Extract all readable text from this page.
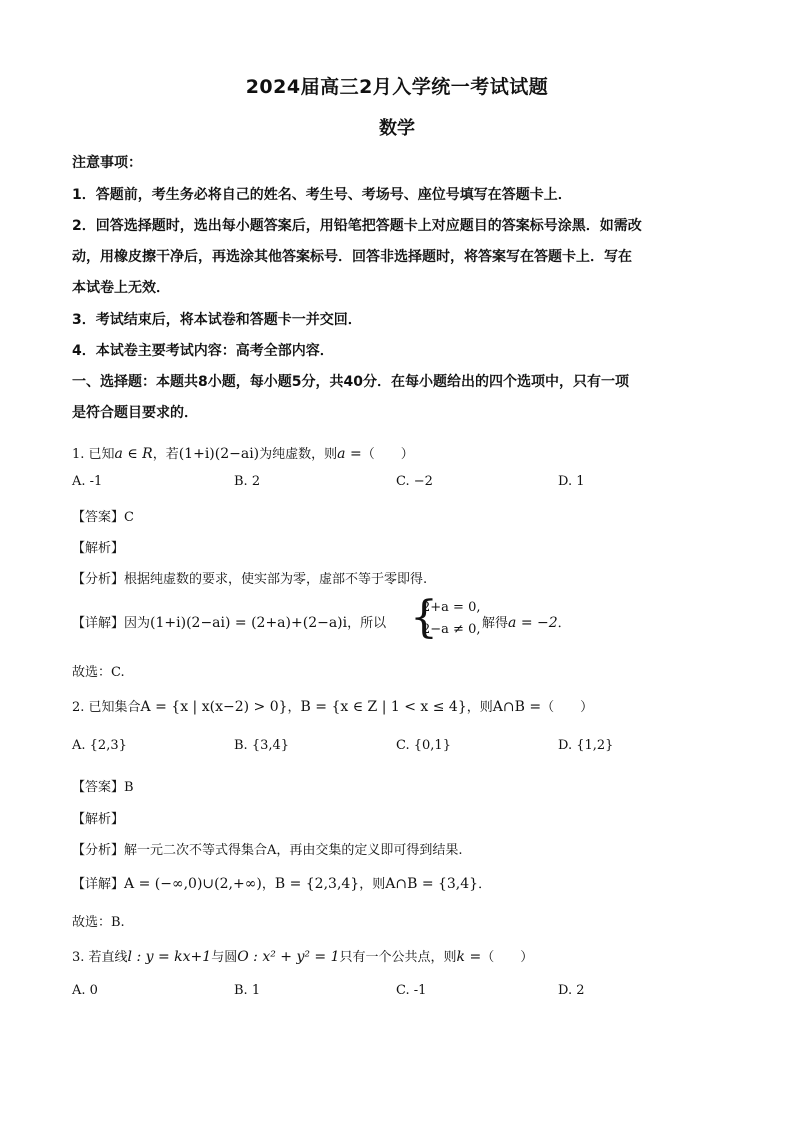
2024届高三2月入学统一考试试题
数学
注意事项：
1．答题前，考生务必将自己的姓名、考生号、考场号、座位号填写在答题卡上．
2．回答选择题时，选出每小题答案后，用铅笔把答题卡上对应题目的答案标号涂黑．如需改
动，用橡皮擦干净后，再选涂其他答案标号．回答非选择题时，将答案写在答题卡上．写在
本试卷上无效．
3．考试结束后，将本试卷和答题卡一并交回．
4．本试卷主要考试内容：高考全部内容．
一、选择题：本题共8小题，每小题5分，共40分．在每小题给出的四个选项中，只有一项
是符合题目要求的．
1. 已知a ∈ R，若(1+i)(2−ai)为纯虚数，则a =（　　）
A. -1	B. 2	C. −2	D. 1
【答案】C
【解析】
【分析】根据纯虚数的要求，使实部为零，虚部不等于零即得.
【详解】因为(1+i)(2−ai) = (2+a)+(2−a)i，所以 {
2+a = 0,
2−a ≠ 0, 解得a = −2．
故选：C.
2. 已知集合A = {x | x(x−2) > 0}，B = {x ∈ Z | 1 < x ≤ 4}，则A∩B =（　　）
A. {2,3}	B. {3,4}	C. {0,1}	D. {1,2}
【答案】B
【解析】
【分析】解一元二次不等式得集合A，再由交集的定义即可得到结果.
【详解】A = (−∞,0)∪(2,+∞)，B = {2,3,4}，则A∩B = {3,4}．
故选：B.
3. 若直线l : y = kx+1与圆O : x² + y² = 1只有一个公共点，则k =（　　）
A. 0	B. 1	C. -1	D. 2
